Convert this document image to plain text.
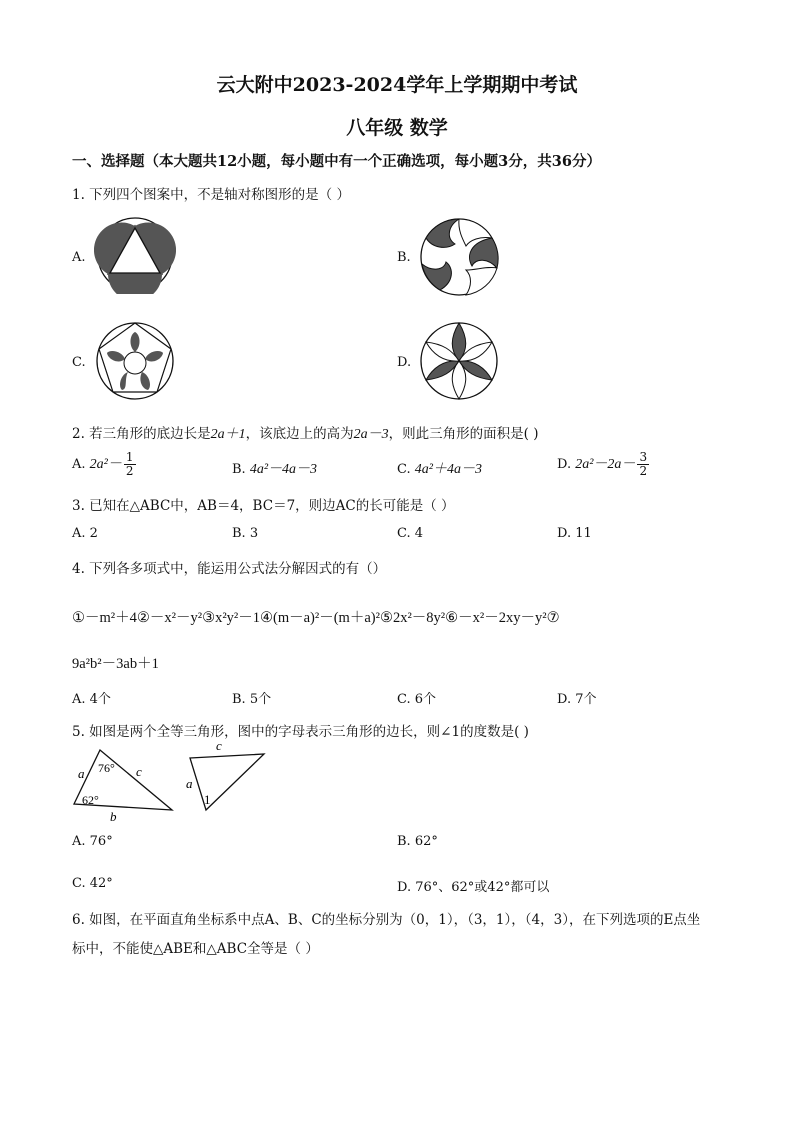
云大附中2023-2024学年上学期期中考试
八年级 数学
一、选择题（本大题共12小题，每小题中有一个正确选项，每小题3分，共36分）
1. 下列四个图案中，不是轴对称图形的是（ ）
A.	B.
C.	D.
2. 若三角形的底边长是2a＋1，该底边上的高为2a－3，则此三角形的面积是( )
A. $2a^2- \frac{1}{2}$	B. 4a²－4a－3	C. 4a²＋4a－3	D. $2a^2-2a- \frac{3}{2}$
3. 已知在△ABC中，AB＝4，BC＝7，则边AC的长可能是（ ）
A. 2	B. 3	C. 4	D. 11
4. 下列各多项式中，能运用公式法分解因式的有（）
①－m²＋4②－x²－y²③x²y²－1④(m－a)²－(m＋a)²⑤2x²－8y²⑥－x²－2xy－y²⑦
9a²b²－3ab＋1
A. 4个	B. 5个	C. 6个	D. 7个
5. 如图是两个全等三角形，图中的字母表示三角形的边长，则∠1的度数是( )
a 76° c
62°
b
c
a
1
A. 76°	B. 62°
C. 42°	D. 76°、62°或42°都可以
6. 如图，在平面直角坐标系中点A、B、C的坐标分别为（0，1），（3，1），（4，3），在下列选项的E点坐
标中，不能使△ABE和△ABC全等是（ ）
